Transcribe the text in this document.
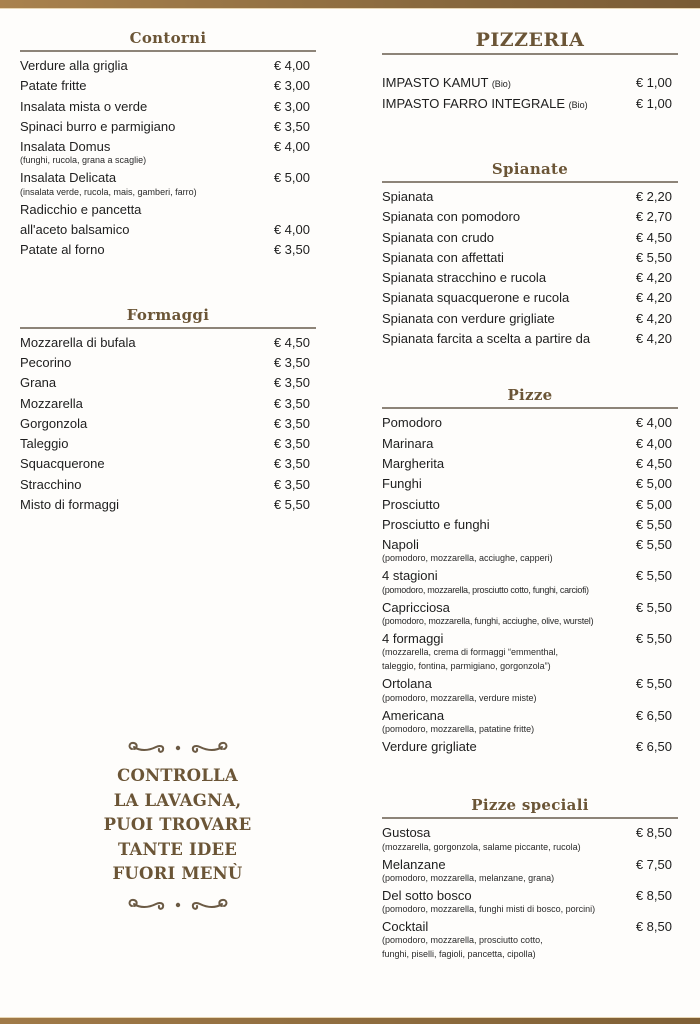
Contorni
Verdure alla griglia	€ 4,00
Patate fritte	€ 3,00
Insalata mista o verde	€ 3,00
Spinaci burro e parmigiano	€ 3,50
Insalata Domus	€ 4,00
(funghi, rucola, grana a scaglie)
Insalata Delicata	€ 5,00
(insalata verde, rucola, mais, gamberi, farro)
Radicchio e pancetta
all'aceto balsamico	€ 4,00
Patate al forno	€ 3,50
Formaggi
Mozzarella di bufala	€ 4,50
Pecorino	€ 3,50
Grana	€ 3,50
Mozzarella	€ 3,50
Gorgonzola	€ 3,50
Taleggio	€ 3,50
Squacquerone	€ 3,50
Stracchino	€ 3,50
Misto di formaggi	€ 5,50
CONTROLLA
LA LAVAGNA,
PUOI TROVARE
TANTE IDEE
FUORI MENÙ
PIZZERIA
IMPASTO KAMUT (Bio)	€ 1,00
IMPASTO FARRO INTEGRALE (Bio)	€ 1,00
Spianate
Spianata	€ 2,20
Spianata con pomodoro	€ 2,70
Spianata con crudo	€ 4,50
Spianata con affettati	€ 5,50
Spianata stracchino e rucola	€ 4,20
Spianata squacquerone e rucola	€ 4,20
Spianata con verdure grigliate	€ 4,20
Spianata farcita a scelta a partire da	€ 4,20
Pizze
Pomodoro	€ 4,00
Marinara	€ 4,00
Margherita	€ 4,50
Funghi	€ 5,00
Prosciutto	€ 5,00
Prosciutto e funghi	€ 5,50
Napoli	€ 5,50
(pomodoro, mozzarella, acciughe, capperi)
4 stagioni	€ 5,50
(pomodoro, mozzarella, prosciutto cotto, funghi, carciofi)
Capricciosa	€ 5,50
(pomodoro, mozzarella, funghi, acciughe, olive, wurstel)
4 formaggi	€ 5,50
(mozzarella, crema di formaggi “emmenthal,
taleggio, fontina, parmigiano, gorgonzola”)
Ortolana	€ 5,50
(pomodoro, mozzarella, verdure miste)
Americana	€ 6,50
(pomodoro, mozzarella, patatine fritte)
Verdure grigliate	€ 6,50
Pizze speciali
Gustosa	€ 8,50
(mozzarella, gorgonzola, salame piccante, rucola)
Melanzane	€ 7,50
(pomodoro, mozzarella, melanzane, grana)
Del sotto bosco	€ 8,50
(pomodoro, mozzarella, funghi misti di bosco, porcini)
Cocktail	€ 8,50
(pomodoro, mozzarella, prosciutto cotto,
funghi, piselli, fagioli, pancetta, cipolla)
